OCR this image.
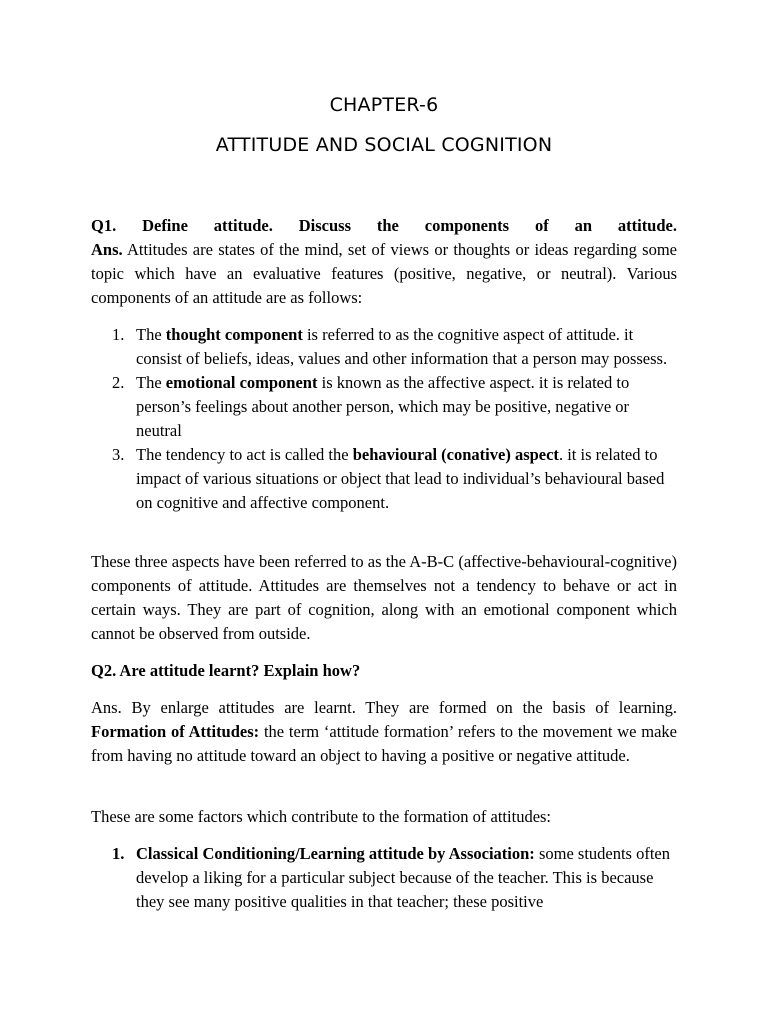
CHAPTER-6
ATTITUDE AND SOCIAL COGNITION

Q1. Define attitude. Discuss the components of an attitude.

Ans. Attitudes are states of the mind, set of views or thoughts or ideas regarding some topic which have an evaluative features (positive, negative, or neutral). Various components of an attitude are as follows:

1. The thought component is referred to as the cognitive aspect of attitude. it consist of beliefs, ideas, values and other information that a person may possess.
2. The emotional component is known as the affective aspect. it is related to person’s feelings about another person, which may be positive, negative or neutral
3. The tendency to act is called the behavioural (conative) aspect. it is related to impact of various situations or object that lead to individual’s behavioural based on cognitive and affective component.

These three aspects have been referred to as the A-B-C (affective-behavioural-cognitive) components of attitude. Attitudes are themselves not a tendency to behave or act in certain ways. They are part of cognition, along with an emotional component which cannot be observed from outside.

Q2. Are attitude learnt? Explain how?

Ans. By enlarge attitudes are learnt. They are formed on the basis of learning. Formation of Attitudes: the term ‘attitude formation’ refers to the movement we make from having no attitude toward an object to having a positive or negative attitude.

These are some factors which contribute to the formation of attitudes:

1. Classical Conditioning/Learning attitude by Association: some students often develop a liking for a particular subject because of the teacher. This is because they see many positive qualities in that teacher; these positive
